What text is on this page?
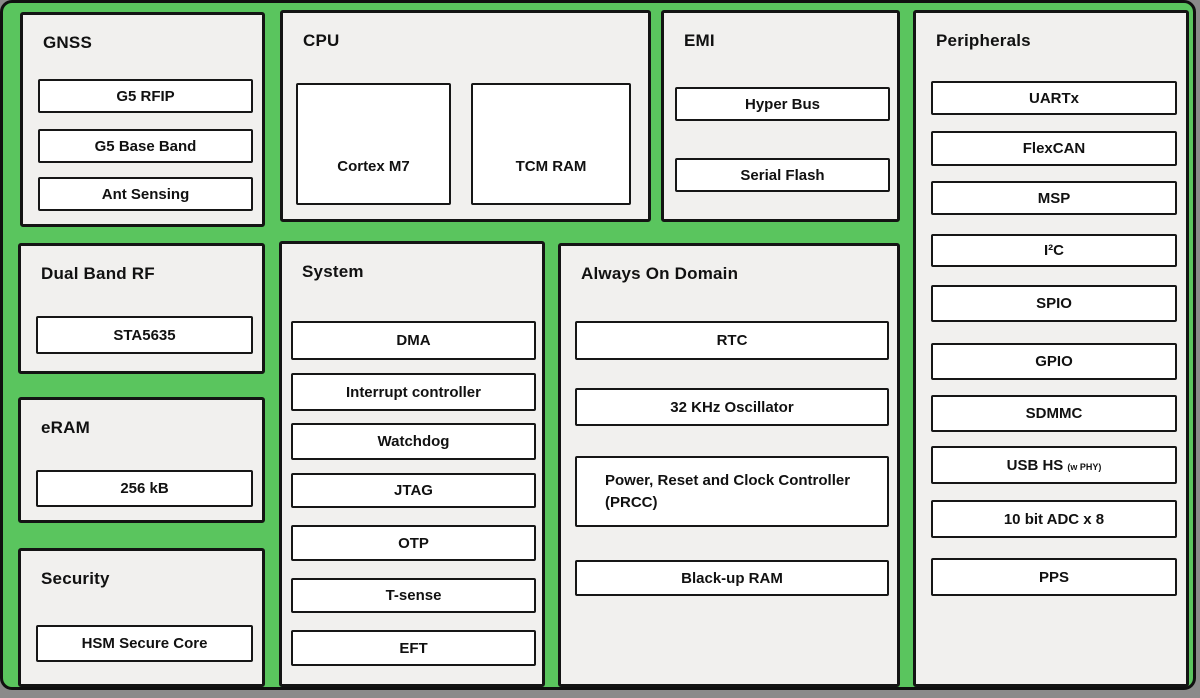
GNSS
G5 RFIP
G5 Base Band
Ant Sensing
CPU
Cortex M7	TCM RAM
EMI
Hyper Bus
Serial Flash
Peripherals
UARTx
FlexCAN
MSP
I²C
SPIO
GPIO
SDMMC
USB HS (w PHY)
10 bit ADC x 8
PPS
Dual Band RF
STA5635
eRAM
256 kB
Security
HSM Secure Core
System
DMA
Interrupt controller
Watchdog
JTAG
OTP
T-sense
EFT
Always On Domain
RTC
32 KHz Oscillator
Power, Reset and Clock Controller (PRCC)
Black-up RAM
